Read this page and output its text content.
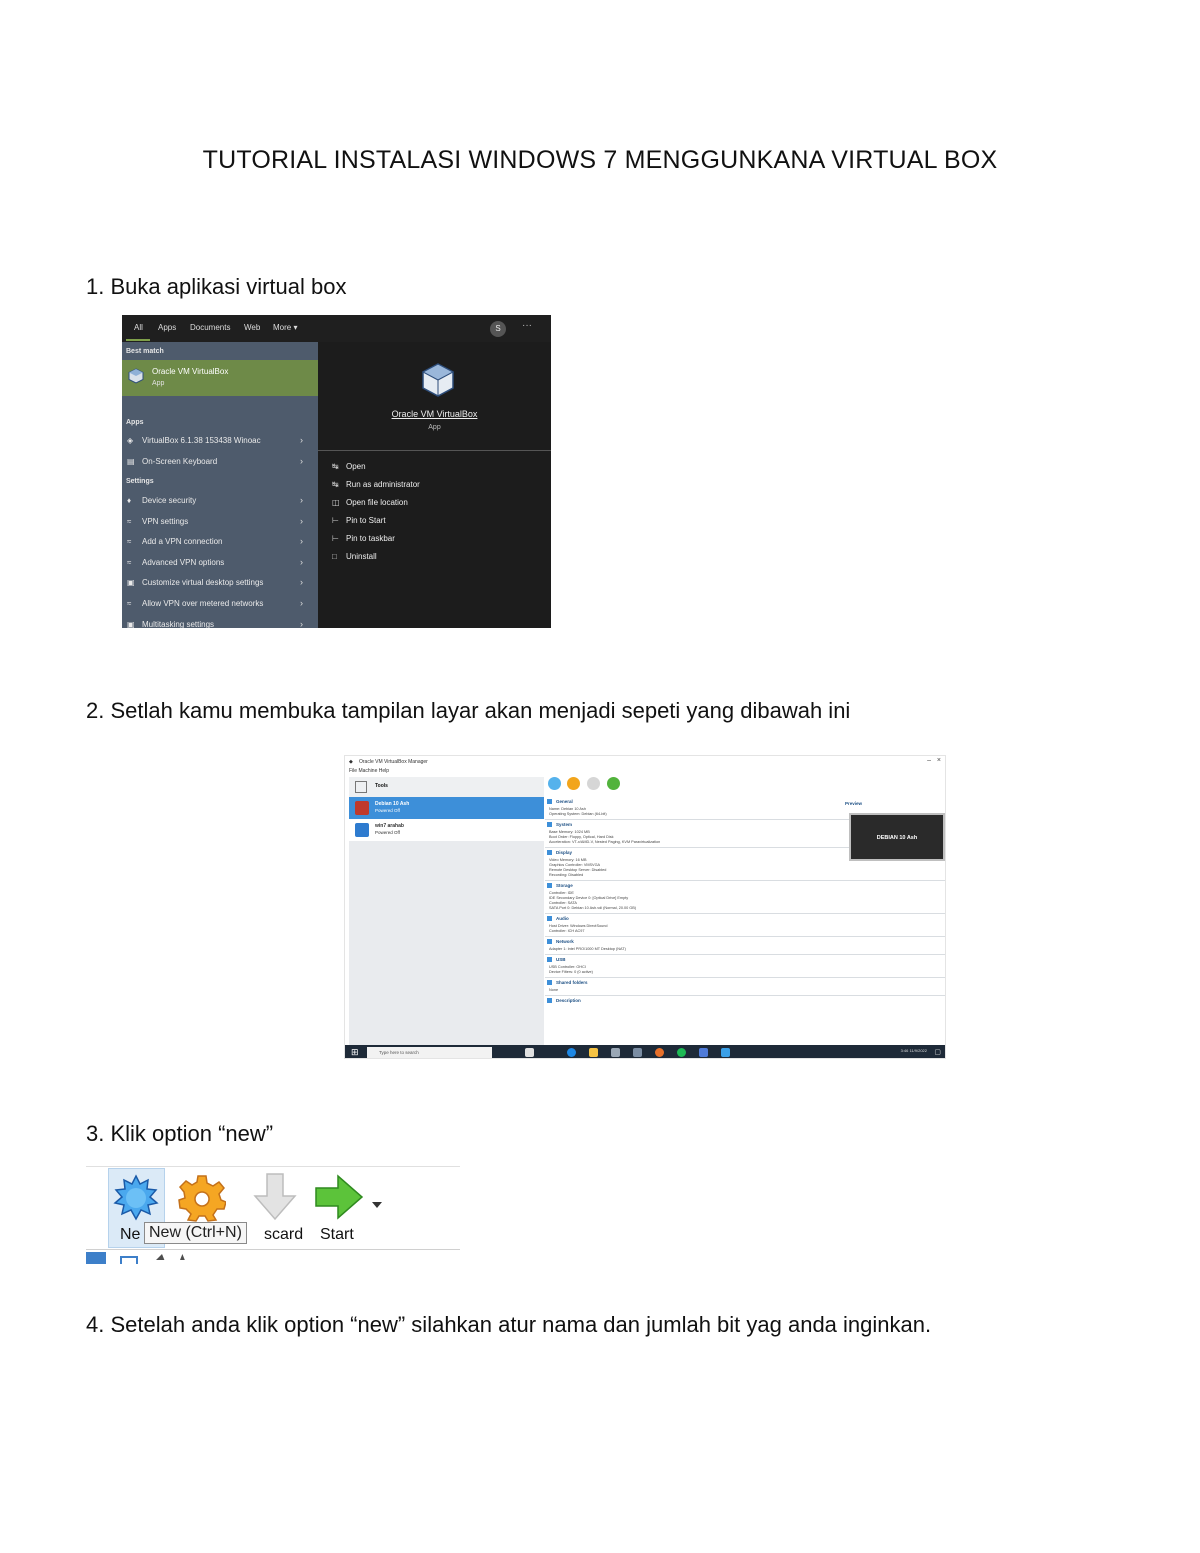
TUTORIAL INSTALASI WINDOWS 7 MENGGUNKANA VIRTUAL BOX
1. Buka aplikasi virtual box
2. Setlah kamu membuka tampilan layar akan menjadi sepeti yang dibawah ini
3. Klik option “new”
4. Setelah anda klik option “new” silahkan atur nama dan jumlah bit yag anda inginkan.
All Apps Documents Web More ▾	S	···
Best match
Oracle VM VirtualBox
App
Apps
◈ VirtualBox 6.1.38 153438 Winoac	›
▤ On-Screen Keyboard	›
Settings
♦ Device security	›
≈ VPN settings	›
≈ Add a VPN connection	›
≈ Advanced VPN options	›
▣ Customize virtual desktop settings	›
≈ Allow VPN over metered networks	›
▣ Multitasking settings	›
Oracle VM VirtualBox
App
↹ Open
↹ Run as administrator
◫ Open file location
⊢ Pin to Start
⊢ Pin to taskbar
□ Uninstall
◆ Oracle VM VirtualBox Manager	–   ×
File Machine Help
Tools
Debian 10 Ash
Powered Off
win7 arahab
Powered Off
General
Name: Debian 10 Ash
Operating System: Debian (64-bit)
System
Base Memory: 1024 MB
Boot Order: Floppy, Optical, Hard Disk
Acceleration: VT-x/AMD-V, Nested Paging, KVM Paravirtualization
Display
Video Memory: 16 MB
Graphics Controller: VMSVGA
Remote Desktop Server: Disabled
Recording: Disabled
Storage
Controller: IDE
IDE Secondary Device 0: [Optical Drive] Empty
Controller: SATA
SATA Port 0: Debian 10 Ash.vdi (Normal, 20.00 GB)
Audio
Host Driver: Windows DirectSound
Controller: ICH AC97
Network
Adapter 1: Intel PRO/1000 MT Desktop (NAT)
USB
USB Controller: OHCI
Device Filters: 0 (0 active)
Shared folders
None
Description
Preview
DEBIAN 10 Ash
⊞	Type here to search	3:46 11/9/2022 ▢
Ne	scard Start
New (Ctrl+N)
